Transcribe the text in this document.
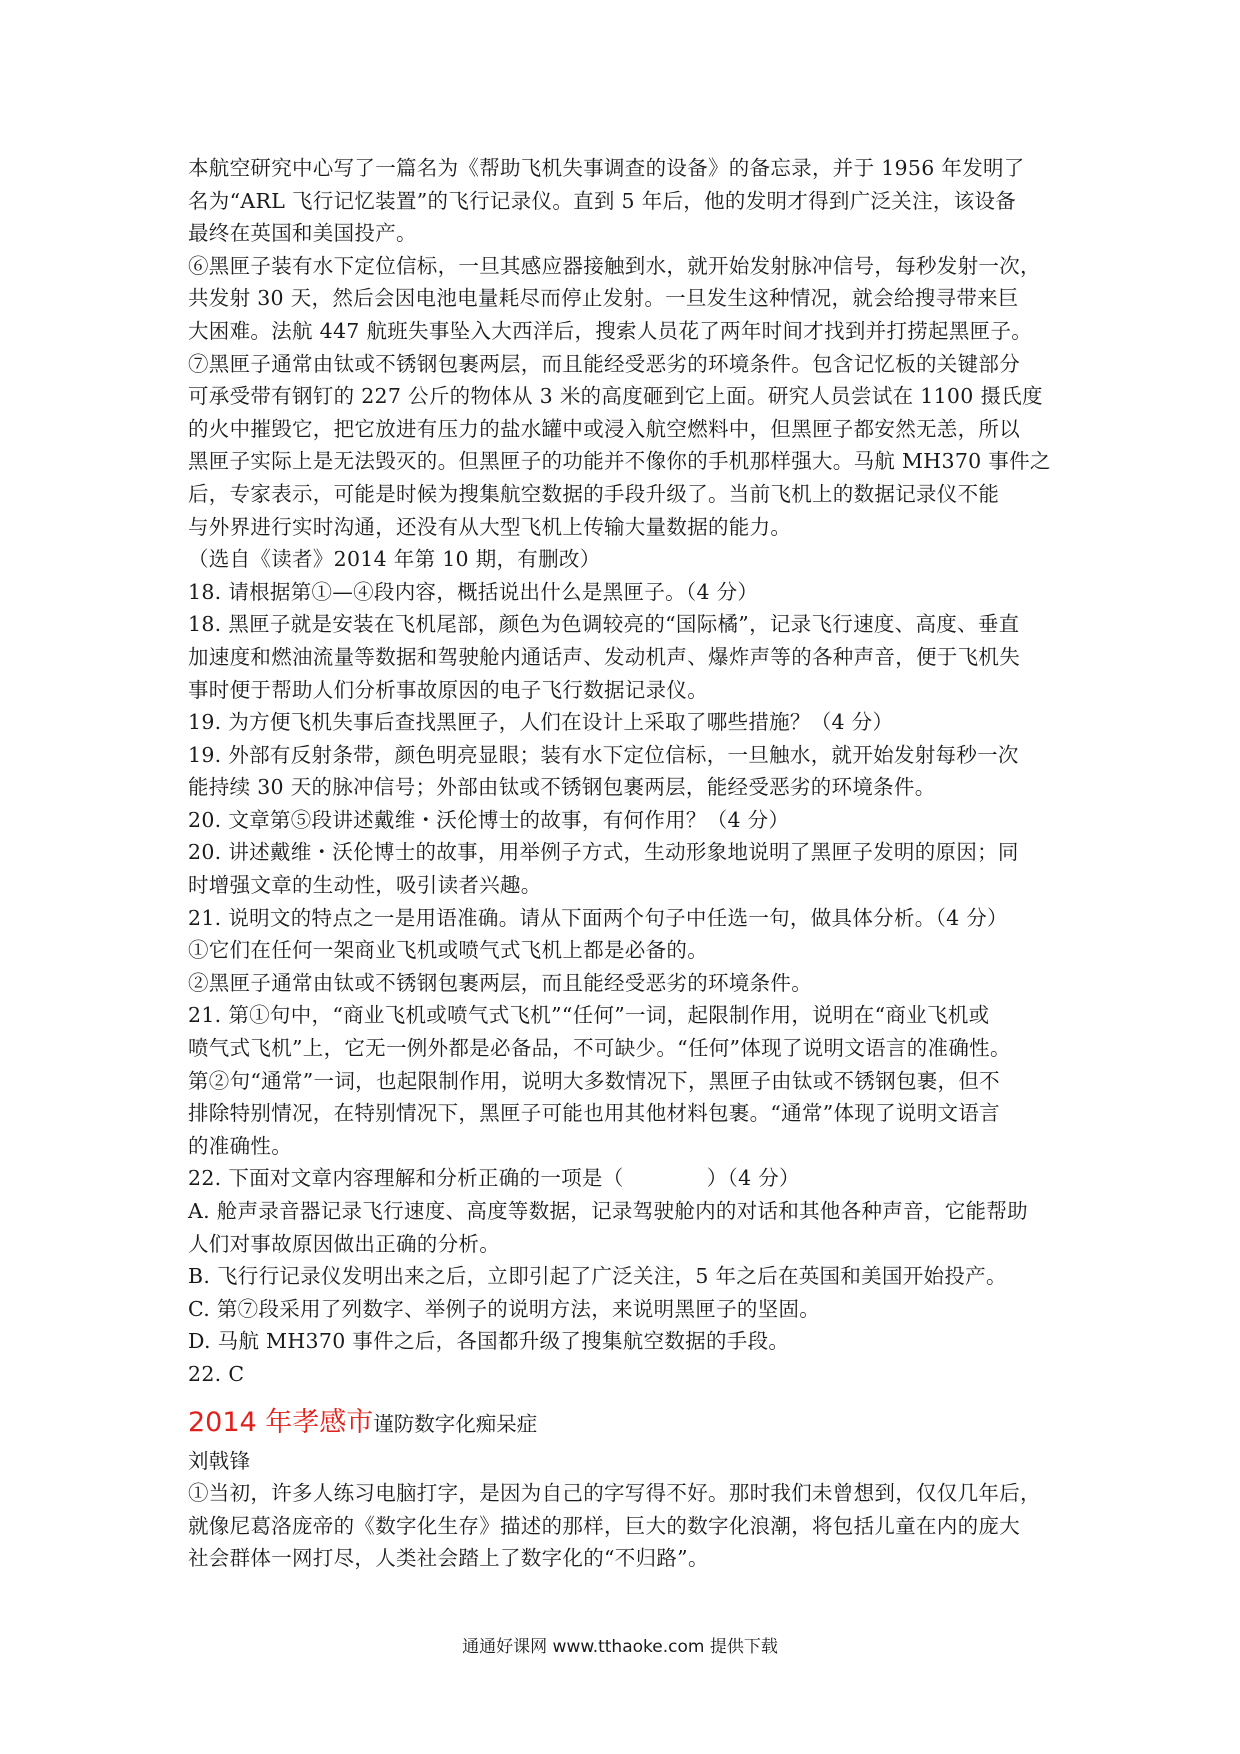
本航空研究中心写了一篇名为《帮助飞机失事调查的设备》的备忘录，并于 1956 年发明了
名为“ARL 飞行记忆装置”的飞行记录仪。直到 5 年后，他的发明才得到广泛关注，该设备
最终在英国和美国投产。
⑥黑匣子装有水下定位信标，一旦其感应器接触到水，就开始发射脉冲信号，每秒发射一次，
共发射 30 天，然后会因电池电量耗尽而停止发射。一旦发生这种情况，就会给搜寻带来巨
大困难。法航 447 航班失事坠入大西洋后，搜索人员花了两年时间才找到并打捞起黑匣子。
⑦黑匣子通常由钛或不锈钢包裹两层，而且能经受恶劣的环境条件。包含记忆板的关键部分
可承受带有钢钉的 227 公斤的物体从 3 米的高度砸到它上面。研究人员尝试在 1100 摄氏度
的火中摧毁它，把它放进有压力的盐水罐中或浸入航空燃料中，但黑匣子都安然无恙，所以
黑匣子实际上是无法毁灭的。但黑匣子的功能并不像你的手机那样强大。马航 MH370 事件之
后，专家表示，可能是时候为搜集航空数据的手段升级了。当前飞机上的数据记录仪不能
与外界进行实时沟通，还没有从大型飞机上传输大量数据的能力。
（选自《读者》2014 年第 10 期，有删改）
18. 请根据第①—④段内容，概括说出什么是黑匣子。（4 分）
18. 黑匣子就是安装在飞机尾部，颜色为色调较亮的“国际橘”，记录飞行速度、高度、垂直
加速度和燃油流量等数据和驾驶舱内通话声、发动机声、爆炸声等的各种声音，便于飞机失
事时便于帮助人们分析事故原因的电子飞行数据记录仪。
19. 为方便飞机失事后查找黑匣子，人们在设计上采取了哪些措施？（4 分）
19. 外部有反射条带，颜色明亮显眼；装有水下定位信标，一旦触水，就开始发射每秒一次
能持续 30 天的脉冲信号；外部由钛或不锈钢包裹两层，能经受恶劣的环境条件。
20. 文章第⑤段讲述戴维・沃伦博士的故事，有何作用？（4 分）
20. 讲述戴维・沃伦博士的故事，用举例子方式，生动形象地说明了黑匣子发明的原因；同
时增强文章的生动性，吸引读者兴趣。
21. 说明文的特点之一是用语准确。请从下面两个句子中任选一句，做具体分析。（4 分）
①它们在任何一架商业飞机或喷气式飞机上都是必备的。
②黑匣子通常由钛或不锈钢包裹两层，而且能经受恶劣的环境条件。
21. 第①句中，“商业飞机或喷气式飞机”“任何”一词，起限制作用，说明在“商业飞机或
喷气式飞机”上，它无一例外都是必备品，不可缺少。“任何”体现了说明文语言的准确性。
第②句“通常”一词，也起限制作用，说明大多数情况下，黑匣子由钛或不锈钢包裹，但不
排除特别情况，在特别情况下，黑匣子可能也用其他材料包裹。“通常”体现了说明文语言
的准确性。
22. 下面对文章内容理解和分析正确的一项是（　　　　）（4 分）
A. 舱声录音器记录飞行速度、高度等数据，记录驾驶舱内的对话和其他各种声音，它能帮助
人们对事故原因做出正确的分析。
B. 飞行行记录仪发明出来之后，立即引起了广泛关注，5 年之后在英国和美国开始投产。
C. 第⑦段采用了列数字、举例子的说明方法，来说明黑匣子的坚固。
D. 马航 MH370 事件之后，各国都升级了搜集航空数据的手段。
22. C
2014 年孝感市谨防数字化痴呆症
刘戟锋
①当初，许多人练习电脑打字，是因为自己的字写得不好。那时我们未曾想到，仅仅几年后，
就像尼葛洛庞帝的《数字化生存》描述的那样，巨大的数字化浪潮，将包括儿童在内的庞大
社会群体一网打尽，人类社会踏上了数字化的“不归路”。
通通好课网 www.tthaoke.com 提供下载
